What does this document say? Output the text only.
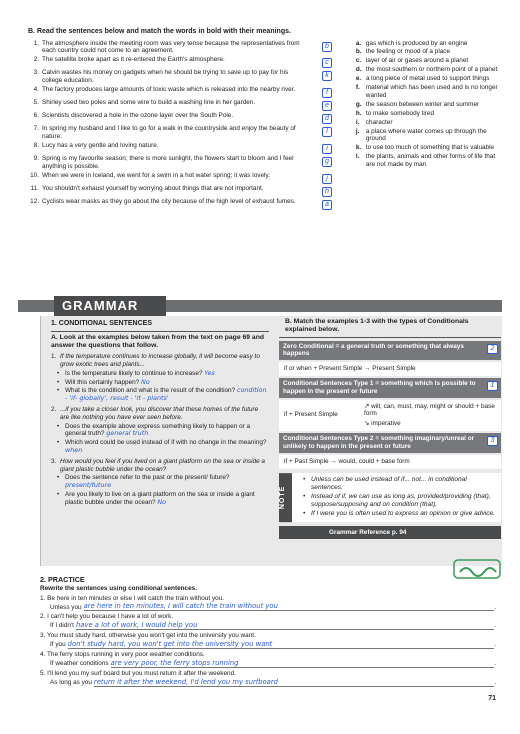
B. Read the sentences below and match the words in bold with their meanings.
1. The atmosphere inside the meeting room was very tense because the representatives from each country could not come to an agreement.
b
2. The satellite broke apart as it re-entered the Earth's atmosphere.	c
3. Calvin wastes his money on gadgets when he should be trying to save up to pay for his college education.
k
4. The factory produces large amounts of toxic waste which is released into the nearby river.	f
5. Shirley used two poles and some wire to build a washing line in her garden.	e
6. Scientists discovered a hole in the ozone layer over the South Pole.	d
7. In spring my husband and I like to go for a walk in the countryside and enjoy the beauty of nature.
l
8. Lucy has a very gentle and loving nature.	i
9. Spring is my favourite season; there is more sunlight, the flowers start to bloom and I feel anything is possible.
g
10. When we were in Iceland, we went for a swim in a hot water spring; it was lovely.	j
11. You shouldn't exhaust yourself by worrying about things that are not important.	h
12. Cyclists wear masks as they go about the city because of the high level of exhaust fumes.	a
a. gas which is produced by an engine
b. the feeling or mood of a place
c. layer of air or gases around a planet
d. the most southern or northern point of a planet
e. a long piece of metal used to support things
f. material which has been used and is no longer wanted
g. the season between winter and summer
h. to make somebody tired
i.	character
j.	a place where water comes up through the ground
k. to use too much of something that is valuable
l.	the plants, animals and other forms of life that are not made by man
GRAMMAR
1. CONDITIONAL SENTENCES
A. Look at the examples below taken from the text on page 69 and answer the questions that follow.
1. If the temperature continues to increase globally, it will become easy to grow exotic trees and plants...
• Is the temperature likely to continue to increase? Yes
• Will this certainly happen? No
• What is the condition and what is the result of the condition? condition - 'if- globally', result - 'it - plants'
2. ...if you take a closer look, you discover that these homes of the future are like nothing you have ever seen before.
• Does the example above express something likely to happen or a general truth? general truth
• Which word could be used instead of if with no change in the meaning? when
3. How would you feel if you lived on a giant platform on the sea or inside a giant plastic bubble under the ocean?
• Does the sentence refer to the past or the present/ future? present/future
• Are you likely to live on a giant platform on the sea or inside a giant plastic bubble under the ocean? No
B. Match the examples 1-3 with the types of Conditionals explained below.
Zero Conditional = a general truth or something that always happens
2
if or when + Present Simple → Present Simple
Conditional Sentences Type 1 = something which is possible to happen in the present or future
1
if + Present Simple
↗ will, can, must, may, might or should + base form
↘ imperative
Conditional Sentences Type 2 = something imaginary/unreal or unlikely to happen in the present or future
3
if + Past Simple → would, could + base form
NOTE
• Unless can be used instead of if... not... in conditional sentences.
• Instead of if, we can use as long as, provided/providing (that), suppose/supposing and on condition (that).
• If I were you is often used to express an opinion or give advice.
Grammar Reference p. 94
2. PRACTICE
Rewrite the sentences using conditional sentences.
1. Be here in ten minutes or else I will catch the train without you.
Unless you are here in ten minutes, I will catch the train without you	.
2. I can't help you because I have a lot of work.
If I didn't have a lot of work, I would help you	.
3. You must study hard, otherwise you won't get into the university you want.
If you don't study hard, you won't get into the university you want	.
4. The ferry stops running in very poor weather conditions.
If weather conditions are very poor, the ferry stops running	.
5. I'll lend you my surf board but you must return it after the weekend.
As long as you return it after the weekend, I'd lend you my surfboard	.
71
